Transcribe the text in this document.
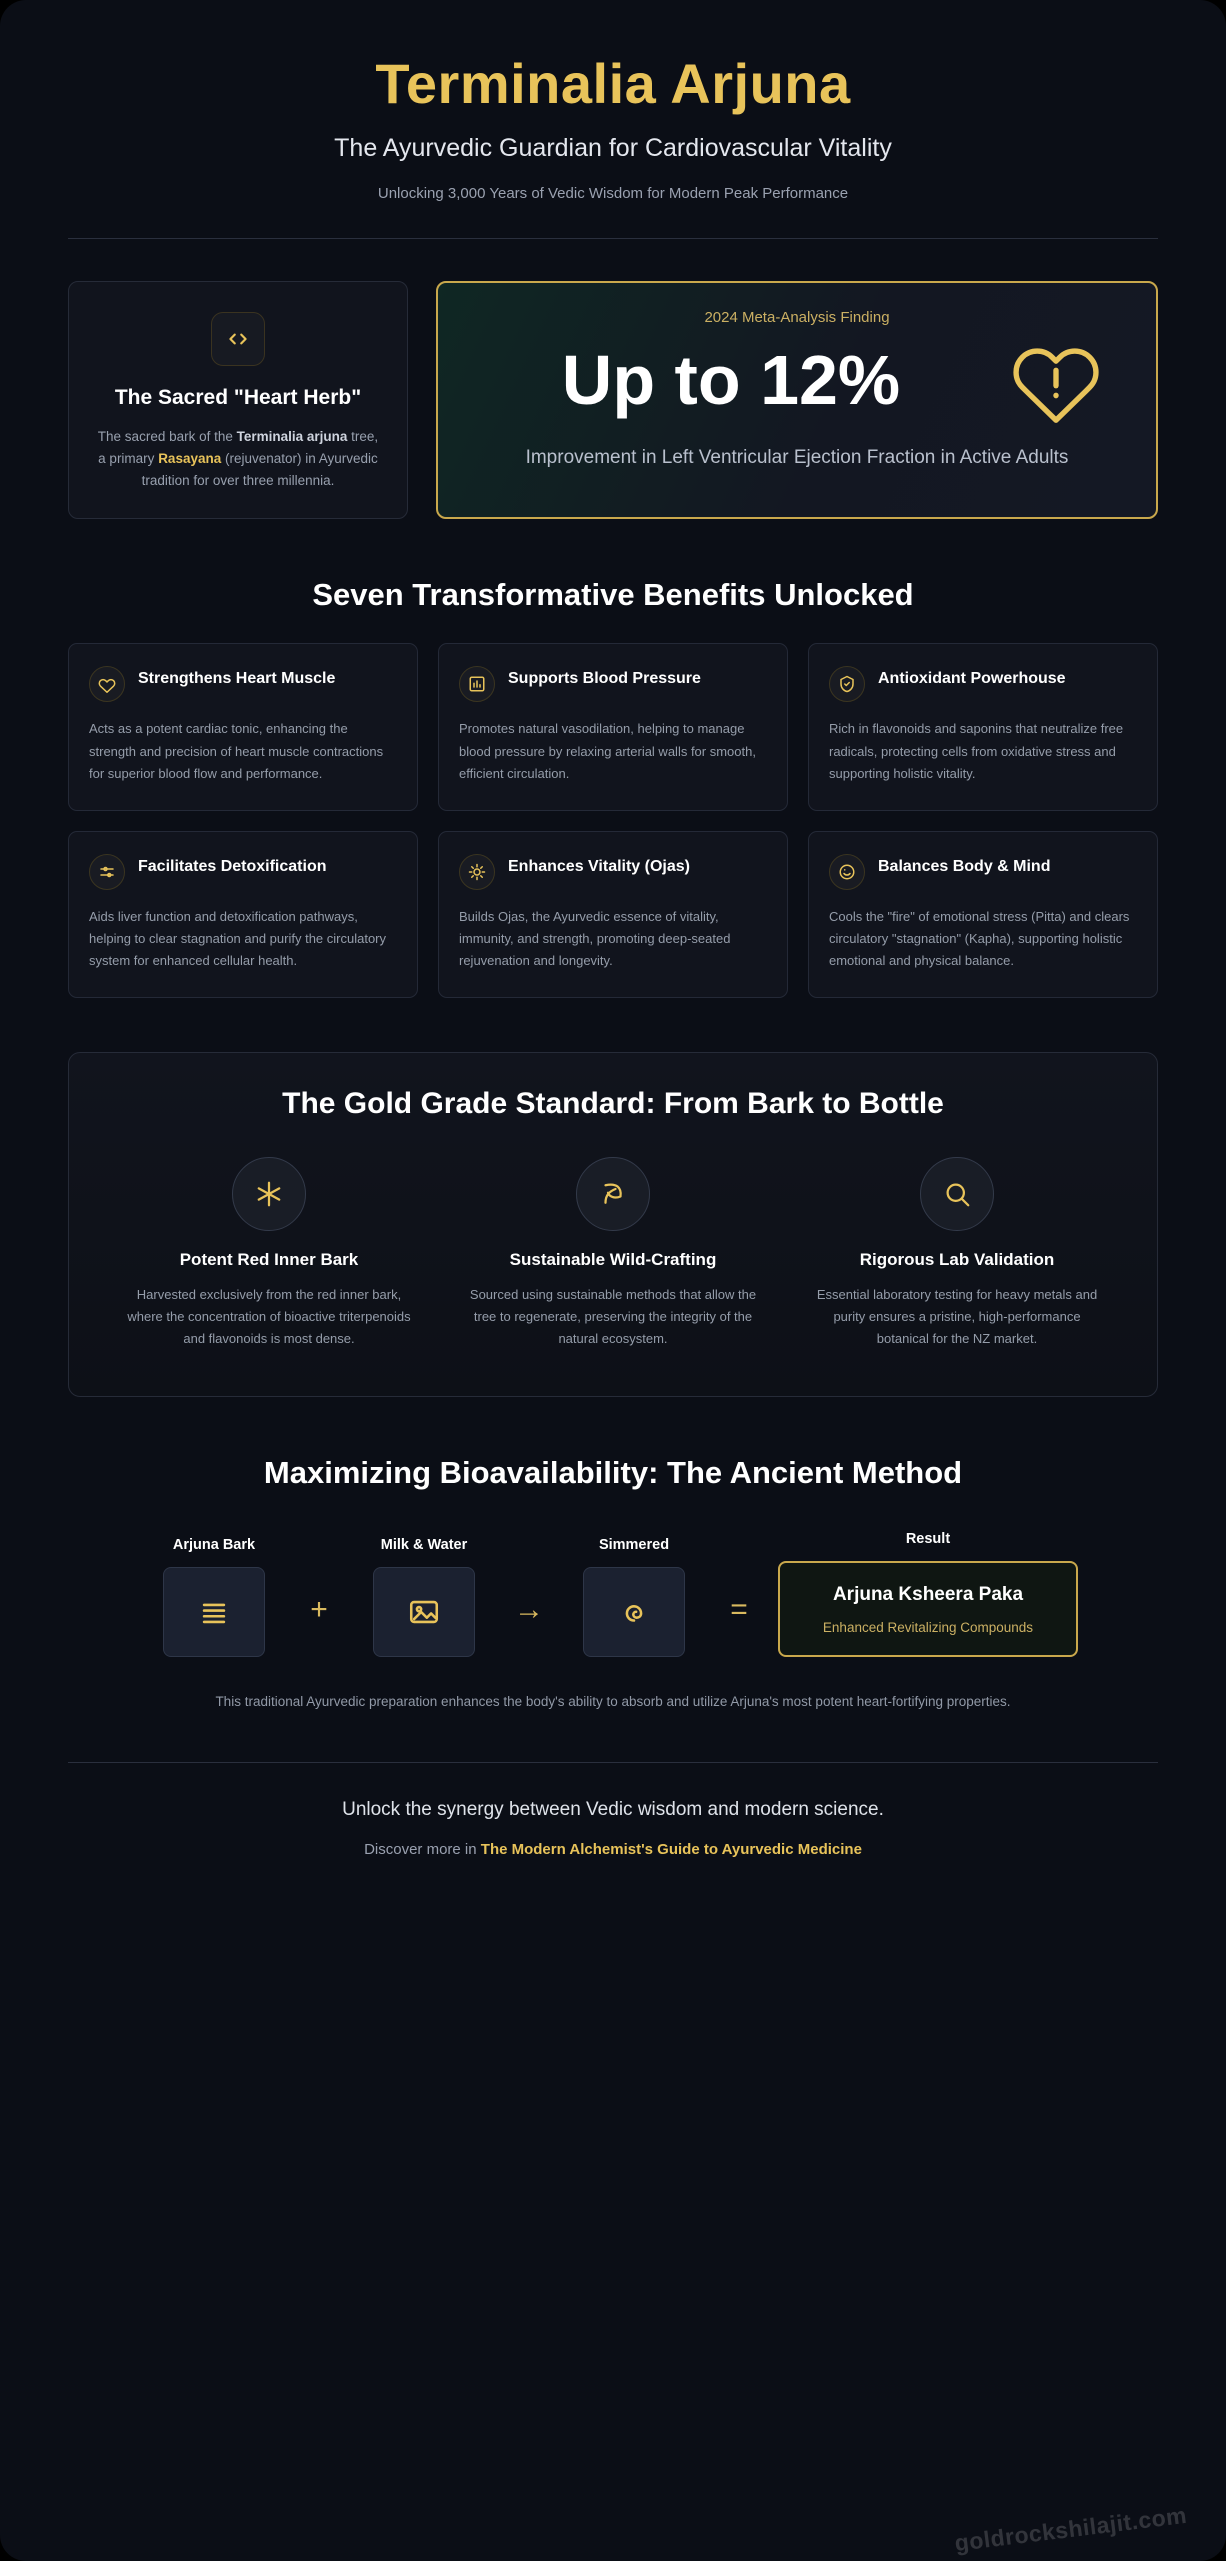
Terminalia Arjuna
The Ayurvedic Guardian for Cardiovascular Vitality
Unlocking 3,000 Years of Vedic Wisdom for Modern Peak Performance
The Sacred "Heart Herb"
The sacred bark of the Terminalia arjuna tree, a primary Rasayana (rejuvenator) in Ayurvedic tradition for over three millennia.
2024 Meta-Analysis Finding
Up to 12%
Improvement in Left Ventricular Ejection Fraction in Active Adults
Seven Transformative Benefits Unlocked
Strengthens Heart Muscle
Acts as a potent cardiac tonic, enhancing the strength and precision of heart muscle contractions for superior blood flow and performance.
Supports Blood Pressure
Promotes natural vasodilation, helping to manage blood pressure by relaxing arterial walls for smooth, efficient circulation.
Antioxidant Powerhouse
Rich in flavonoids and saponins that neutralize free radicals, protecting cells from oxidative stress and supporting holistic vitality.
Facilitates Detoxification
Aids liver function and detoxification pathways, helping to clear stagnation and purify the circulatory system for enhanced cellular health.
Enhances Vitality (Ojas)
Builds Ojas, the Ayurvedic essence of vitality, immunity, and strength, promoting deep-seated rejuvenation and longevity.
Balances Body & Mind
Cools the "fire" of emotional stress (Pitta) and clears circulatory "stagnation" (Kapha), supporting holistic emotional and physical balance.
The Gold Grade Standard: From Bark to Bottle
Potent Red Inner Bark
Harvested exclusively from the red inner bark, where the concentration of bioactive triterpenoids and flavonoids is most dense.
Sustainable Wild-Crafting
Sourced using sustainable methods that allow the tree to regenerate, preserving the integrity of the natural ecosystem.
Rigorous Lab Validation
Essential laboratory testing for heavy metals and purity ensures a pristine, high-performance botanical for the NZ market.
Maximizing Bioavailability: The Ancient Method
Arjuna Bark
+
Milk & Water
→
Simmered
=
Result
Arjuna Ksheera Paka
Enhanced Revitalizing Compounds
This traditional Ayurvedic preparation enhances the body's ability to absorb and utilize Arjuna's most potent heart-fortifying properties.
Unlock the synergy between Vedic wisdom and modern science.
Discover more in The Modern Alchemist's Guide to Ayurvedic Medicine
goldrockshilajit.com
